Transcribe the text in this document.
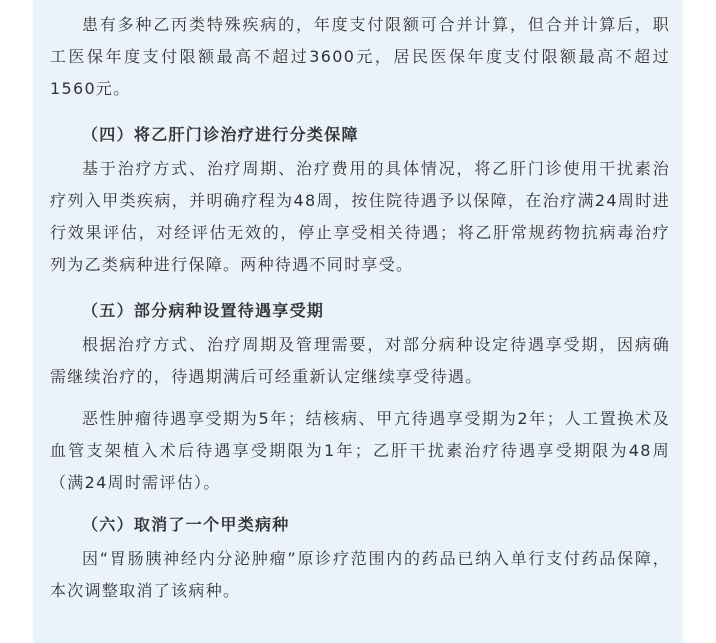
患有多种乙丙类特殊疾病的，年度支付限额可合并计算，但合并计算后，职工医保年度支付限额最高不超过3600元，居民医保年度支付限额最高不超过1560元。

（四）将乙肝门诊治疗进行分类保障

基于治疗方式、治疗周期、治疗费用的具体情况，将乙肝门诊使用干扰素治疗列入甲类疾病，并明确疗程为48周，按住院待遇予以保障，在治疗满24周时进行效果评估，对经评估无效的，停止享受相关待遇；将乙肝常规药物抗病毒治疗列为乙类病种进行保障。两种待遇不同时享受。

（五）部分病种设置待遇享受期

根据治疗方式、治疗周期及管理需要，对部分病种设定待遇享受期，因病确需继续治疗的，待遇期满后可经重新认定继续享受待遇。

恶性肿瘤待遇享受期为5年；结核病、甲亢待遇享受期为2年；人工置换术及血管支架植入术后待遇享受期限为1年；乙肝干扰素治疗待遇享受期限为48周（满24周时需评估）。

（六）取消了一个甲类病种

因“胃肠胰神经内分泌肿瘤”原诊疗范围内的药品已纳入单行支付药品保障，本次调整取消了该病种。
